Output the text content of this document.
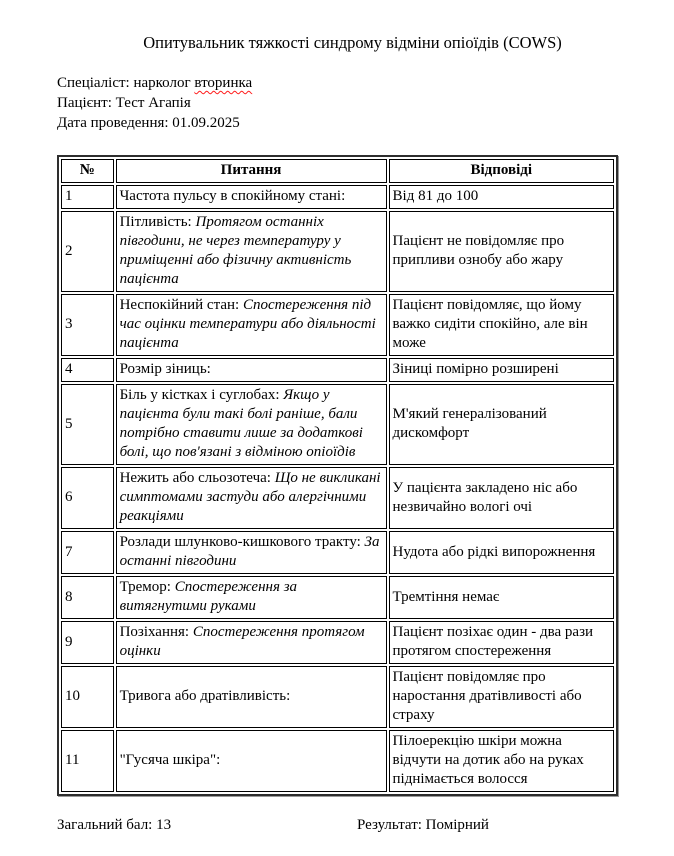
Опитувальник тяжкості синдрому відміни опіоїдів (COWS)
Спеціаліст: нарколог вторинка
Пацієнт: Тест Агапія
Дата проведення: 01.09.2025
№	Питання	Відповіді
1	Частота пульсу в спокійному стані:	Від 81 до 100
2	Пітливість: Протягом останніх півгодини, не через температуру у приміщенні або фізичну активність пацієнта	Пацієнт не повідомляє про припливи ознобу або жару
3	Неспокійний стан: Спостереження під час оцінки температури або діяльності пацієнта	Пацієнт повідомляє, що йому важко сидіти спокійно, але він може
4	Розмір зіниць:	Зіниці помірно розширені
5	Біль у кістках і суглобах: Якщо у пацієнта були такі болі раніше, бали потрібно ставити лише за додаткові болі, що пов'язані з відміною опіоїдів	М'який генералізований дискомфорт
6	Нежить або сльозотеча: Що не викликані симптомами застуди або алергічними реакціями	У пацієнта закладено ніс або незвичайно вологі очі
7	Розлади шлунково-кишкового тракту: За останні півгодини	Нудота або рідкі випорожнення
8	Тремор: Спостереження за витягнутими руками	Тремтіння немає
9	Позіхання: Спостереження протягом оцінки	Пацієнт позіхає один - два рази протягом спостереження
10	Тривога або дратівливість:	Пацієнт повідомляє про наростання дратівливості або страху
11	"Гусяча шкіра":	Пілоерекцію шкіри можна відчути на дотик або на руках піднімається волосся
Загальний бал: 13	Результат: Помірний
